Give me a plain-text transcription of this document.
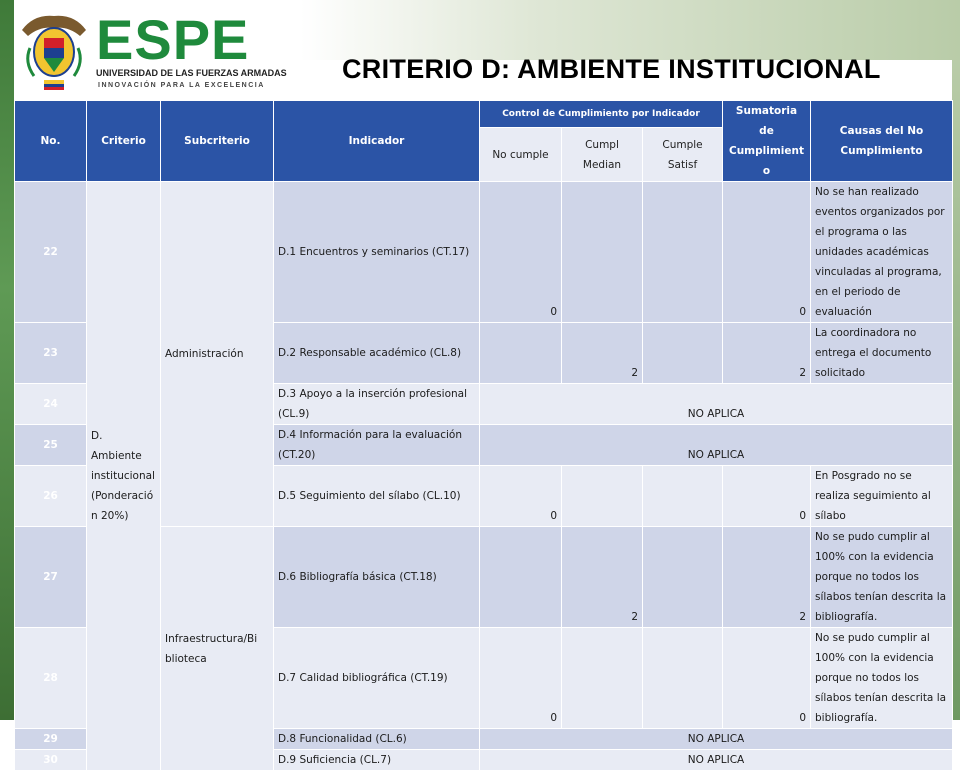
ESPE
UNIVERSIDAD DE LAS FUERZAS ARMADAS
INNOVACIÓN PARA LA EXCELENCIA
CRITERIO D: AMBIENTE INSTITUCIONAL
No.	Criterio	Subcriterio	Indicador	Control de Cumplimiento por Indicador			Sumatoria de Cumplimient o	Causas del No Cumplimiento
				No cumple	Cumpl Median	Cumple Satisf		
22	D. Ambiente institucional (Ponderació n 20%)	Administración	D.1 Encuentros y seminarios (CT.17)	0			0	No se han realizado eventos organizados por el programa o las unidades académicas vinculadas al programa, en el periodo de evaluación
23			D.2 Responsable académico (CL.8)		2		2	La coordinadora no entrega el documento solicitado
24			D.3 Apoyo a la inserción profesional (CL.9)	NO APLICA				
25			D.4 Información para la evaluación (CT.20)	NO APLICA				
26			D.5 Seguimiento del sílabo (CL.10)	0			0	En Posgrado no se realiza seguimiento al sílabo
27		Infraestructura/Bi blioteca	D.6 Bibliografía básica (CT.18)		2		2	No se pudo cumplir al 100% con la evidencia porque no todos los sílabos tenían descrita la bibliografía.
28			D.7 Calidad bibliográfica (CT.19)	0			0	No se pudo cumplir al 100% con la evidencia porque no todos los sílabos tenían descrita la bibliografía.
29			D.8 Funcionalidad (CL.6)	NO APLICA				
30			D.9 Suficiencia (CL.7)	NO APLICA				
